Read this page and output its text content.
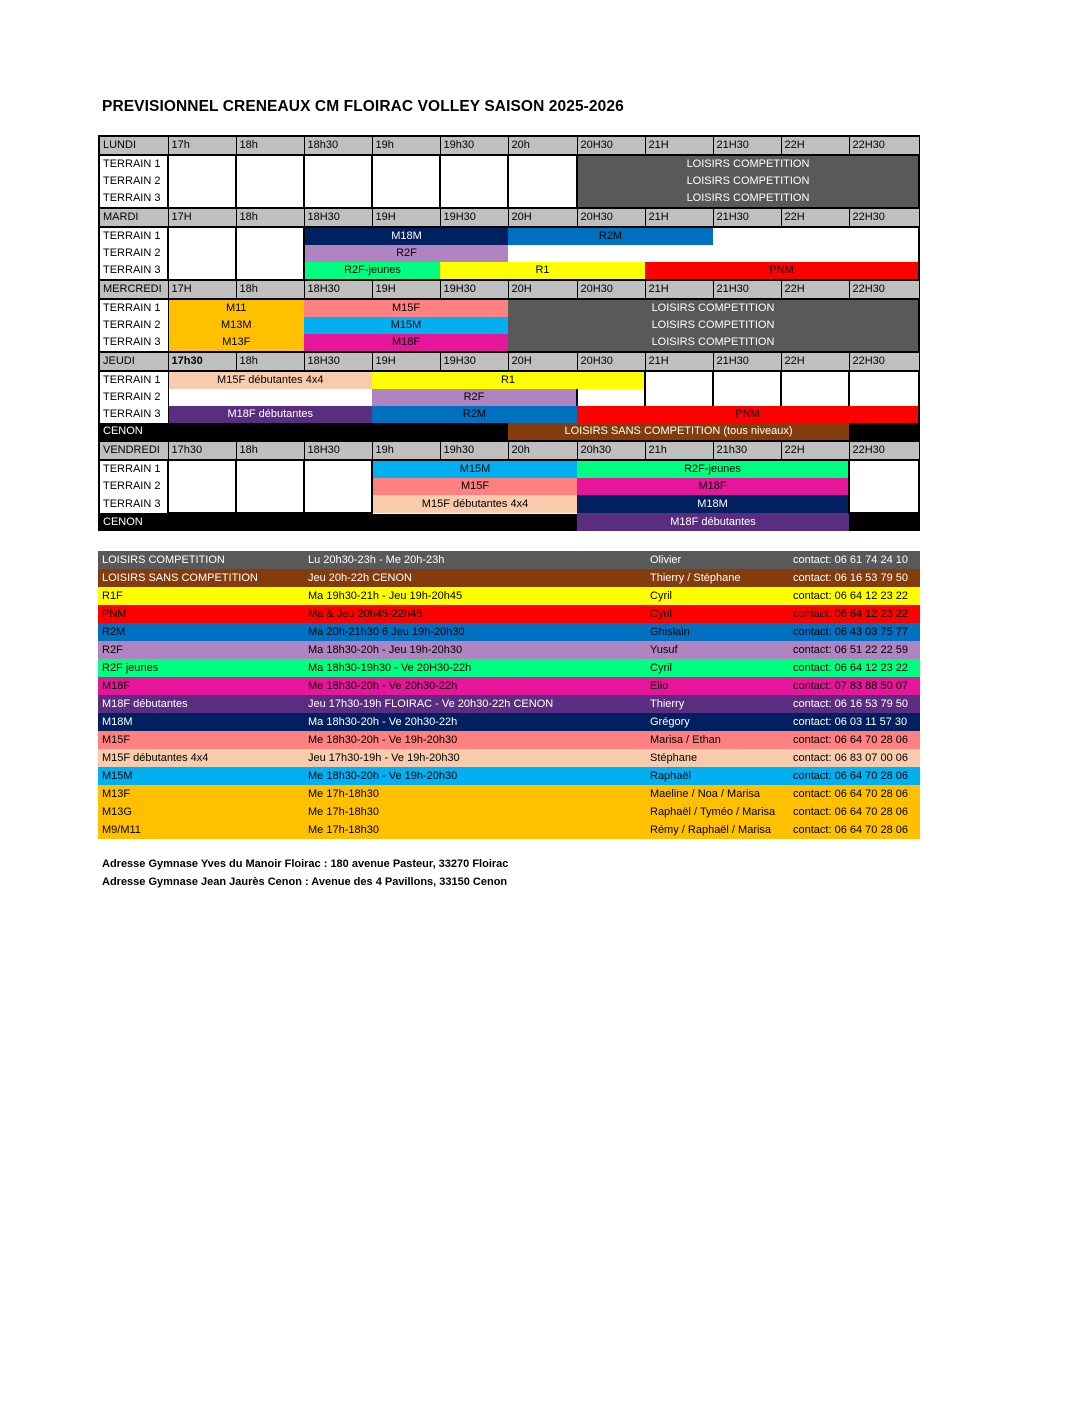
PREVISIONNEL CRENEAUX CM FLOIRAC VOLLEY SAISON 2025-2026
LUNDI	17h	18h	18h30	19h	19h30	20h	20H30	21H	21H30	22H	22H30
TERRAIN 1							LOISIRS COMPETITION				
TERRAIN 2							LOISIRS COMPETITION				
TERRAIN 3							LOISIRS COMPETITION				
MARDI	17H	18h	18H30	19H	19H30	20H	20H30	21H	21H30	22H	22H30
TERRAIN 1			M18M			R2M					
TERRAIN 2			R2F								
TERRAIN 3			R2F-jeunes		R1			PNM			
MERCREDI	17H	18h	18H30	19H	19H30	20H	20H30	21H	21H30	22H	22H30
TERRAIN 1	M11		M15F			LOISIRS COMPETITION					
TERRAIN 2	M13M		M15M			LOISIRS COMPETITION					
TERRAIN 3	M13F		M18F			LOISIRS COMPETITION					
JEUDI	17h30	18h	18H30	19H	19H30	20H	20H30	21H	21H30	22H	22H30
TERRAIN 1	M15F débutantes 4x4			R1							
TERRAIN 2				R2F							
TERRAIN 3	M18F débutantes			R2M			PNM				
CENON						LOISIRS SANS COMPETITION (tous niveaux)					
VENDREDI	17h30	18h	18H30	19h	19h30	20h	20h30	21h	21h30	22H	22H30
TERRAIN 1				M15M			R2F-jeunes				
TERRAIN 2				M15F			M18F				
TERRAIN 3				M15F débutantes 4x4			M18M				
CENON							M18F débutantes				
LOISIRS COMPETITION	Lu 20h30-23h - Me 20h-23h	Olivier	contact: 06 61 74 24 10
LOISIRS SANS COMPETITION	Jeu 20h-22h CENON	Thierry / Stéphane	contact: 06 16 53 79 50
R1F	Ma 19h30-21h - Jeu 19h-20h45	Cyril	contact: 06 64 12 23 22
PNM	Ma & Jeu 20h45-22h45	Cyril	contact: 06 64 12 23 22
R2M	Ma 20h-21h30 6 Jeu 19h-20h30	Ghislain	contact: 06 43 03 75 77
R2F	Ma 18h30-20h - Jeu 19h-20h30	Yusuf	contact: 06 51 22 22 59
R2F jeunes	Ma 18h30-19h30 - Ve 20H30-22h	Cyril	contact: 06 64 12 23 22
M18F	Me 18h30-20h - Ve 20h30-22h	Elio	contact: 07 83 88 50 07
M18F débutantes	Jeu 17h30-19h FLOIRAC - Ve 20h30-22h CENON	Thierry	contact: 06 16 53 79 50
M18M	Ma 18h30-20h - Ve 20h30-22h	Grégory	contact: 06 03 11 57 30
M15F	Me 18h30-20h - Ve 19h-20h30	Marisa / Ethan	contact: 06 64 70 28 06
M15F débutantes 4x4	Jeu 17h30-19h - Ve 19h-20h30	Stéphane	contact: 06 83 07 00 06
M15M	Me 18h30-20h - Ve 19h-20h30	Raphaël	contact: 06 64 70 28 06
M13F	Me 17h-18h30	Maeline / Noa / Marisa	contact: 06 64 70 28 06
M13G	Me 17h-18h30	Raphaël / Tyméo / Marisa	contact: 06 64 70 28 06
M9/M11	Me 17h-18h30	Rémy / Raphaël / Marisa	contact: 06 64 70 28 06
Adresse Gymnase Yves du Manoir Floirac : 180 avenue Pasteur, 33270 Floirac
Adresse Gymnase Jean Jaurès Cenon : Avenue des 4 Pavillons, 33150 Cenon
